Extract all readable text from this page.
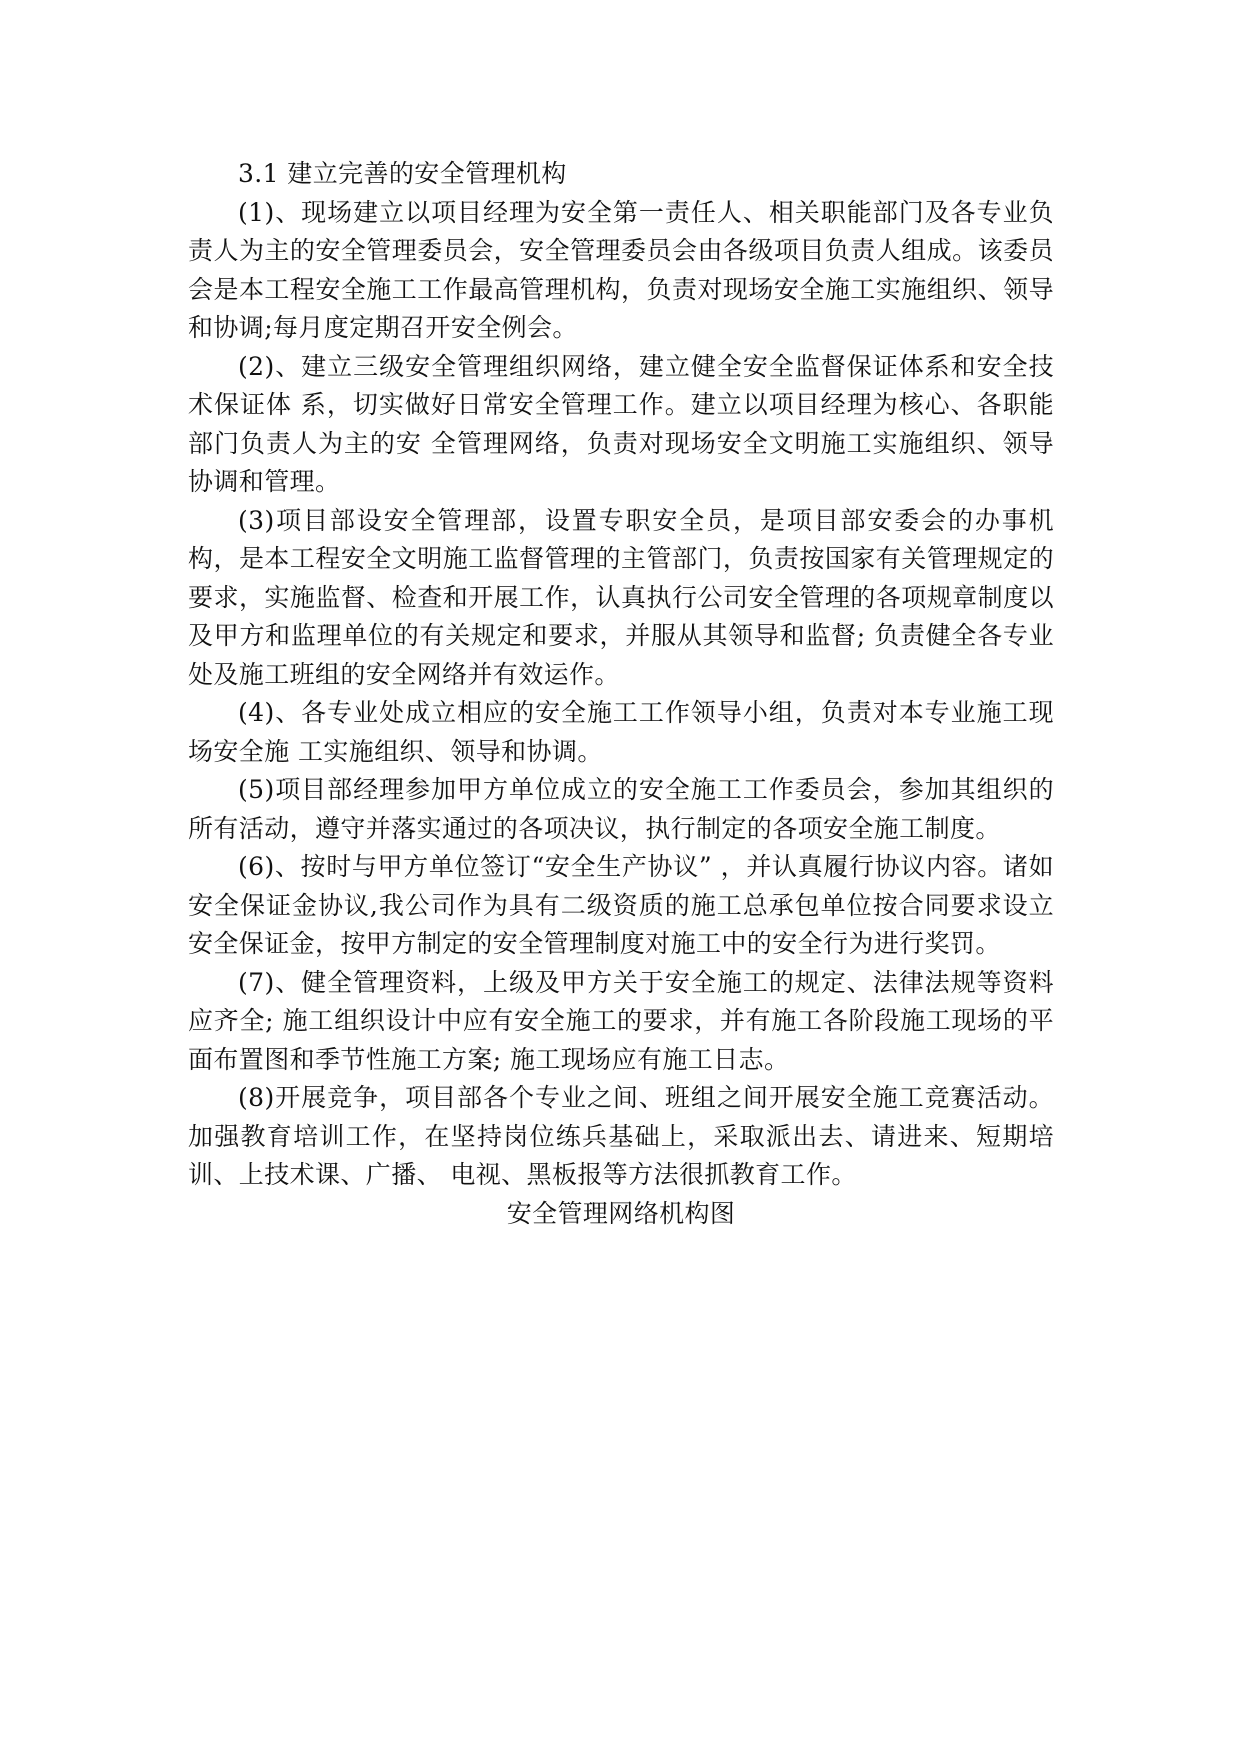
3.1 建立完善的安全管理机构

(1)、现场建立以项目经理为安全第一责任人、相关职能部门及各专业负责人为主的安全管理委员会，安全管理委员会由各级项目负责人组成。该委员会是本工程安全施工工作最高管理机构，负责对现场安全施工实施组织、领导和协调;每月度定期召开安全例会。

(2)、建立三级安全管理组织网络，建立健全安全监督保证体系和安全技术保证体 系，切实做好日常安全管理工作。建立以项目经理为核心、各职能部门负责人为主的安 全管理网络，负责对现场安全文明施工实施组织、领导协调和管理。

(3)项目部设安全管理部，设置专职安全员，是项目部安委会的办事机构，是本工程安全文明施工监督管理的主管部门，负责按国家有关管理规定的要求，实施监督、检查和开展工作，认真执行公司安全管理的各项规章制度以及甲方和监理单位的有关规定和要求，并服从其领导和监督; 负责健全各专业处及施工班组的安全网络并有效运作。

(4)、各专业处成立相应的安全施工工作领导小组，负责对本专业施工现场安全施 工实施组织、领导和协调。

(5)项目部经理参加甲方单位成立的安全施工工作委员会，参加其组织的所有活动，遵守并落实通过的各项决议，执行制定的各项安全施工制度。

(6)、按时与甲方单位签订“安全生产协议” ，并认真履行协议内容。诸如安全保证金协议,我公司作为具有二级资质的施工总承包单位按合同要求设立安全保证金，按甲方制定的安全管理制度对施工中的安全行为进行奖罚。

(7)、健全管理资料，上级及甲方关于安全施工的规定、法律法规等资料应齐全; 施工组织设计中应有安全施工的要求，并有施工各阶段施工现场的平面布置图和季节性施工方案; 施工现场应有施工日志。

(8)开展竞争，项目部各个专业之间、班组之间开展安全施工竞赛活动。加强教育培训工作，在坚持岗位练兵基础上，采取派出去、请进来、短期培训、上技术课、广播、 电视、黑板报等方法很抓教育工作。

安全管理网络机构图
